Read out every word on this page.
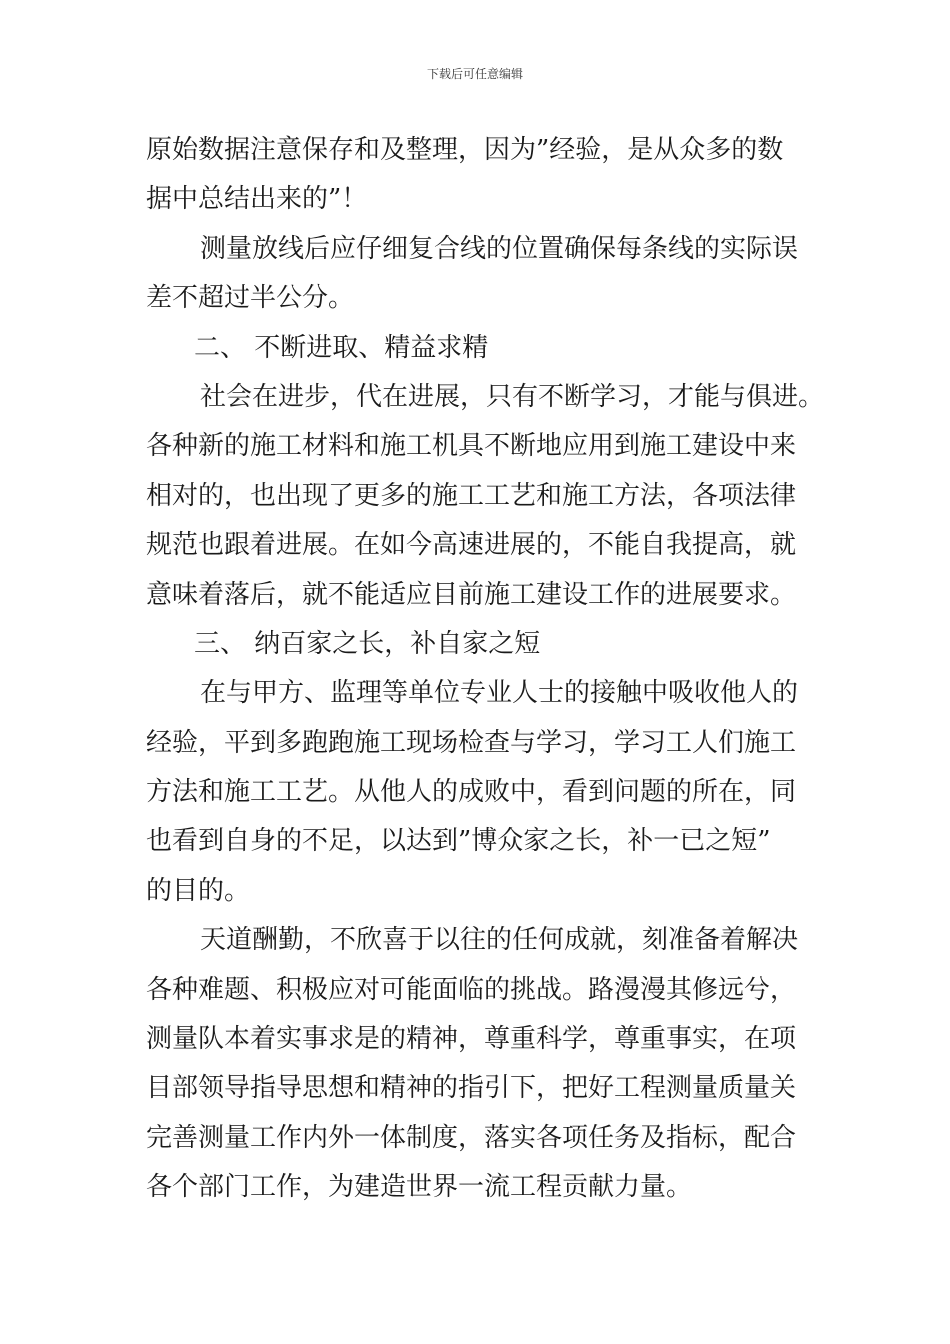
下载后可任意编辑

原始数据注意保存和及整理，因为”经验，是从众多的数
据中总结出来的”！

测量放线后应仔细复合线的位置确保每条线的实际误
差不超过半公分。

二、 不断进取、精益求精

社会在进步，代在进展，只有不断学习，才能与俱进。
各种新的施工材料和施工机具不断地应用到施工建设中来
相对的，也出现了更多的施工工艺和施工方法，各项法律
规范也跟着进展。在如今高速进展的，不能自我提高，就
意味着落后，就不能适应目前施工建设工作的进展要求。

三、 纳百家之长，补自家之短

在与甲方、监理等单位专业人士的接触中吸收他人的
经验，平到多跑跑施工现场检查与学习，学习工人们施工
方法和施工工艺。从他人的成败中，看到问题的所在，同
也看到自身的不足，以达到”博众家之长，补一已之短”
的目的。

天道酬勤，不欣喜于以往的任何成就，刻准备着解决
各种难题、积极应对可能面临的挑战。路漫漫其修远兮，
测量队本着实事求是的精神，尊重科学，尊重事实，在项
目部领导指导思想和精神的指引下，把好工程测量质量关
完善测量工作内外一体制度，落实各项任务及指标，配合
各个部门工作，为建造世界一流工程贡献力量。
